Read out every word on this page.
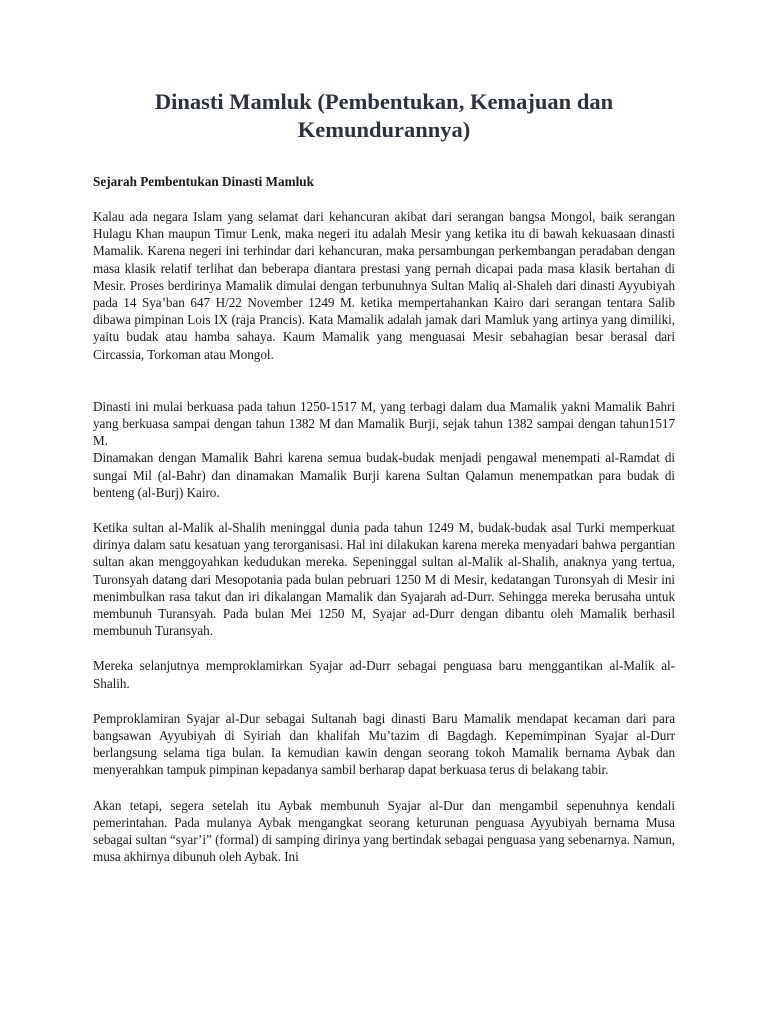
Dinasti Mamluk (Pembentukan, Kemajuan dan Kemundurannya)
Sejarah Pembentukan Dinasti Mamluk

Kalau ada negara Islam yang selamat dari kehancuran akibat dari serangan bangsa Mongol, baik serangan Hulagu Khan maupun Timur Lenk, maka negeri itu adalah Mesir yang ketika itu di bawah kekuasaan dinasti Mamalik. Karena negeri ini terhindar dari kehancuran, maka persambungan perkembangan peradaban dengan masa klasik relatif terlihat dan beberapa diantara prestasi yang pernah dicapai pada masa klasik bertahan di Mesir. Proses berdirinya Mamalik dimulai dengan terbunuhnya Sultan Maliq al-Shaleh dari dinasti Ayyubiyah pada 14 Sya’ban 647 H/22 November 1249 M. ketika mempertahankan Kairo dari serangan tentara Salib dibawa pimpinan Lois IX (raja Prancis). Kata Mamalik adalah jamak dari Mamluk yang artinya yang dimiliki, yaitu budak atau hamba sahaya. Kaum Mamalik yang menguasai Mesir sebahagian besar berasal dari Circassia, Torkoman atau Mongol.

Dinasti ini mulai berkuasa pada tahun 1250-1517 M, yang terbagi dalam dua Mamalik yakni Mamalik Bahri yang berkuasa sampai dengan tahun 1382 M dan Mamalik Burji, sejak tahun 1382 sampai dengan tahun1517 M.

Dinamakan dengan Mamalik Bahri karena semua budak-budak menjadi pengawal menempati al-Ramdat di sungai Mil (al-Bahr) dan dinamakan Mamalik Burji karena Sultan Qalamun menempatkan para budak di benteng (al-Burj) Kairo.

Ketika sultan al-Malik al-Shalih meninggal dunia pada tahun 1249 M, budak-budak asal Turki memperkuat dirinya dalam satu kesatuan yang terorganisasi. Hal ini dilakukan karena mereka menyadari bahwa pergantian sultan akan menggoyahkan kedudukan mereka. Sepeninggal sultan al-Malik al-Shalih, anaknya yang tertua, Turonsyah datang dari Mesopotania pada bulan pebruari 1250 M di Mesir, kedatangan Turonsyah di Mesir ini menimbulkan rasa takut dan iri dikalangan Mamalik dan Syajarah ad-Durr. Sehingga mereka berusaha untuk membunuh Turansyah. Pada bulan Mei 1250 M, Syajar ad-Durr dengan dibantu oleh Mamalik berhasil membunuh Turansyah.

Mereka selanjutnya memproklamirkan Syajar ad-Durr sebagai penguasa baru menggantikan al-Malik al-Shalih.

Pemproklamiran Syajar al-Dur sebagai Sultanah bagi dinasti Baru Mamalik mendapat kecaman dari para bangsawan Ayyubiyah di Syiriah dan khalifah Mu’tazim di Bagdagh. Kepemimpinan Syajar al-Durr berlangsung selama tiga bulan. Ia kemudian kawin dengan seorang tokoh Mamalik bernama Aybak dan menyerahkan tampuk pimpinan kepadanya sambil berharap dapat berkuasa terus di belakang tabir.

Akan tetapi, segera setelah itu Aybak membunuh Syajar al-Dur dan mengambil sepenuhnya kendali pemerintahan. Pada mulanya Aybak mengangkat seorang keturunan penguasa Ayyubiyah bernama Musa sebagai sultan “syar’i” (formal) di samping dirinya yang bertindak sebagai penguasa yang sebenarnya. Namun, musa akhirnya dibunuh oleh Aybak. Ini
